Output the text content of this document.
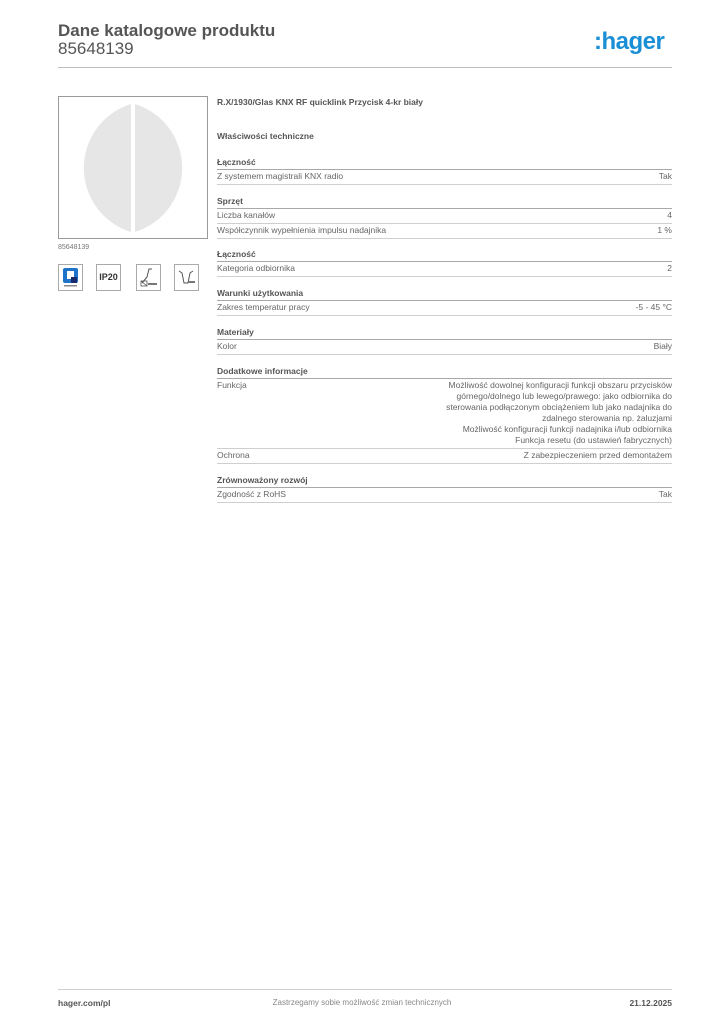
Dane katalogowe produktu
85648139	:hager
85648139
IP20
R.X/1930/Glas KNX RF quicklink Przycisk 4-kr biały
Właściwości techniczne
Łączność
Z systemem magistrali KNX radio	Tak
Sprzęt
Liczba kanałów	4
Współczynnik wypełnienia impulsu nadajnika	1 %
Łączność
Kategoria odbiornika	2
Warunki użytkowania
Zakres temperatur pracy	-5 - 45 °C
Materiały
Kolor	Biały
Dodatkowe informacje
Funkcja	Możliwość dowolnej konfiguracji funkcji obszaru przycisków
górnego/dolnego lub lewego/prawego: jako odbiornika do
sterowania podłączonym obciążeniem lub jako nadajnika do
zdalnego sterowania np. żaluzjami
Możliwość konfiguracji funkcji nadajnika i/lub odbiornika
Funkcja resetu (do ustawień fabrycznych)
Ochrona	Z zabezpieczeniem przed demontażem
Zrównoważony rozwój
Zgodność z RoHS	Tak
hager.com/pl	Zastrzegamy sobie możliwość zmian technicznych	21.12.2025
